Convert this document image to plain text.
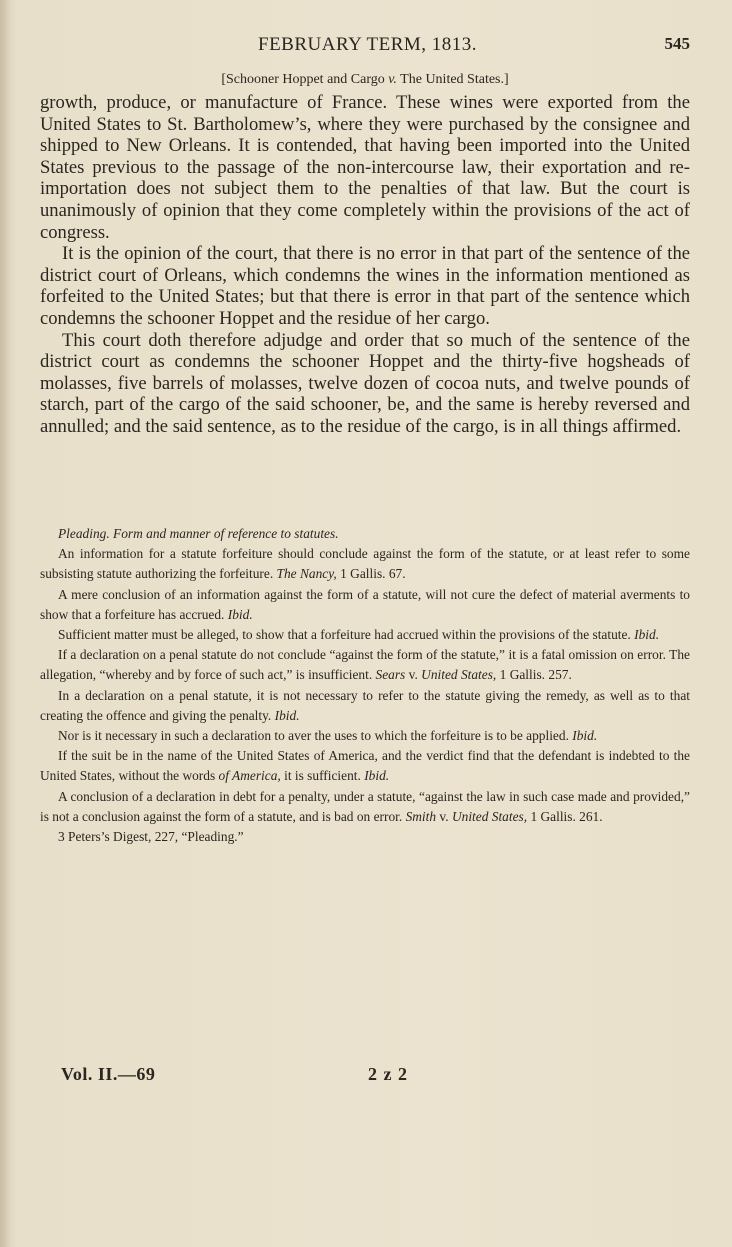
FEBRUARY TERM, 1813.	545
[Schooner Hoppet and Cargo v. The United States.]

growth, produce, or manufacture of France. These wines were exported from the United States to St. Bartholomew’s, where they were purchased by the consignee and shipped to New Orleans. It is contended, that having been imported into the United States previous to the passage of the non-intercourse law, their exportation and re-importation does not subject them to the penalties of that law. But the court is unanimously of opinion that they come completely within the provisions of the act of congress.

It is the opinion of the court, that there is no error in that part of the sentence of the district court of Orleans, which condemns the wines in the information mentioned as forfeited to the United States; but that there is error in that part of the sentence which condemns the schooner Hoppet and the residue of her cargo.

This court doth therefore adjudge and order that so much of the sentence of the district court as condemns the schooner Hoppet and the thirty-five hogsheads of molasses, five barrels of molasses, twelve dozen of cocoa nuts, and twelve pounds of starch, part of the cargo of the said schooner, be, and the same is hereby reversed and annulled; and the said sentence, as to the residue of the cargo, is in all things affirmed.

Pleading. Form and manner of reference to statutes.

An information for a statute forfeiture should conclude against the form of the statute, or at least refer to some subsisting statute authorizing the forfeiture. The Nancy, 1 Gallis. 67.

A mere conclusion of an information against the form of a statute, will not cure the defect of material averments to show that a forfeiture has accrued. Ibid.

Sufficient matter must be alleged, to show that a forfeiture had accrued within the provisions of the statute. Ibid.

If a declaration on a penal statute do not conclude “against the form of the statute,” it is a fatal omission on error. The allegation, “whereby and by force of such act,” is insufficient. Sears v. United States, 1 Gallis. 257.

In a declaration on a penal statute, it is not necessary to refer to the statute giving the remedy, as well as to that creating the offence and giving the penalty. Ibid.

Nor is it necessary in such a declaration to aver the uses to which the forfeiture is to be applied. Ibid.

If the suit be in the name of the United States of America, and the verdict find that the defendant is indebted to the United States, without the words of America, it is sufficient. Ibid.

A conclusion of a declaration in debt for a penalty, under a statute, “against the law in such case made and provided,” is not a conclusion against the form of a statute, and is bad on error. Smith v. United States, 1 Gallis. 261.

3 Peters’s Digest, 227, “Pleading.”

Vol. II.—69	2 z 2
